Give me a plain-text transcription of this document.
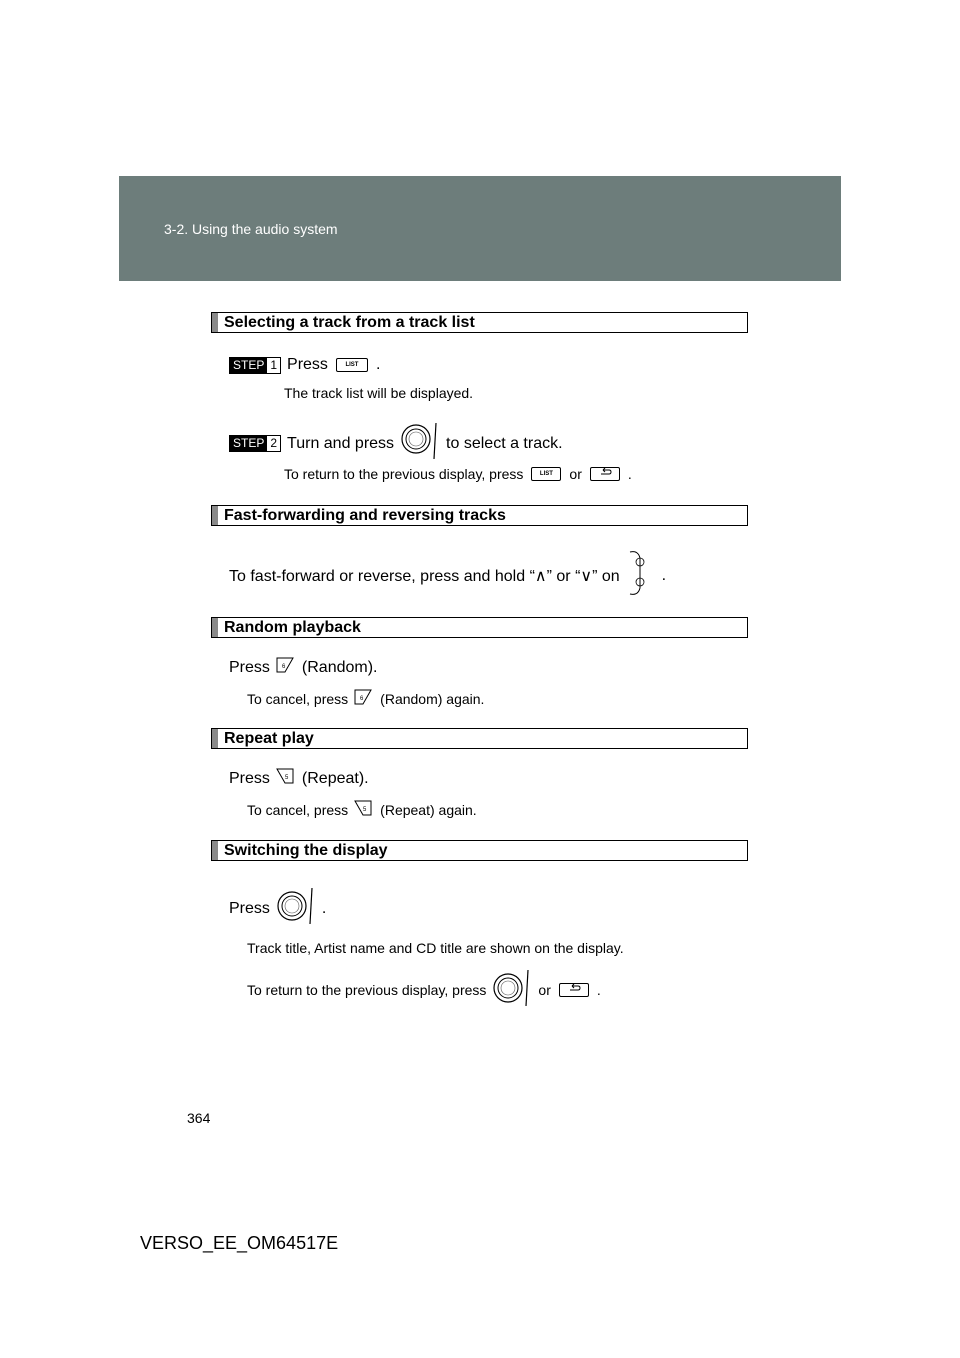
3-2. Using the audio system
Selecting a track from a track list
STEP 1 Press	LIST	.
The track list will be displayed.
STEP 2 Turn and press	to select a track.
To return to the previous display, press	LIST	or	.
Fast-forwarding and reversing tracks
To fast-forward or reverse, press and hold “∧” or “∨” on	.
Random playback
Press 6 (Random).
To cancel, press 6 (Random) again.
Repeat play
Press	5 (Repeat).
To cancel, press	5 (Repeat) again.
Switching the display
Press	.
Track title, Artist name and CD title are shown on the display.
To return to the previous display, press	or	.
364
VERSO_EE_OM64517E
